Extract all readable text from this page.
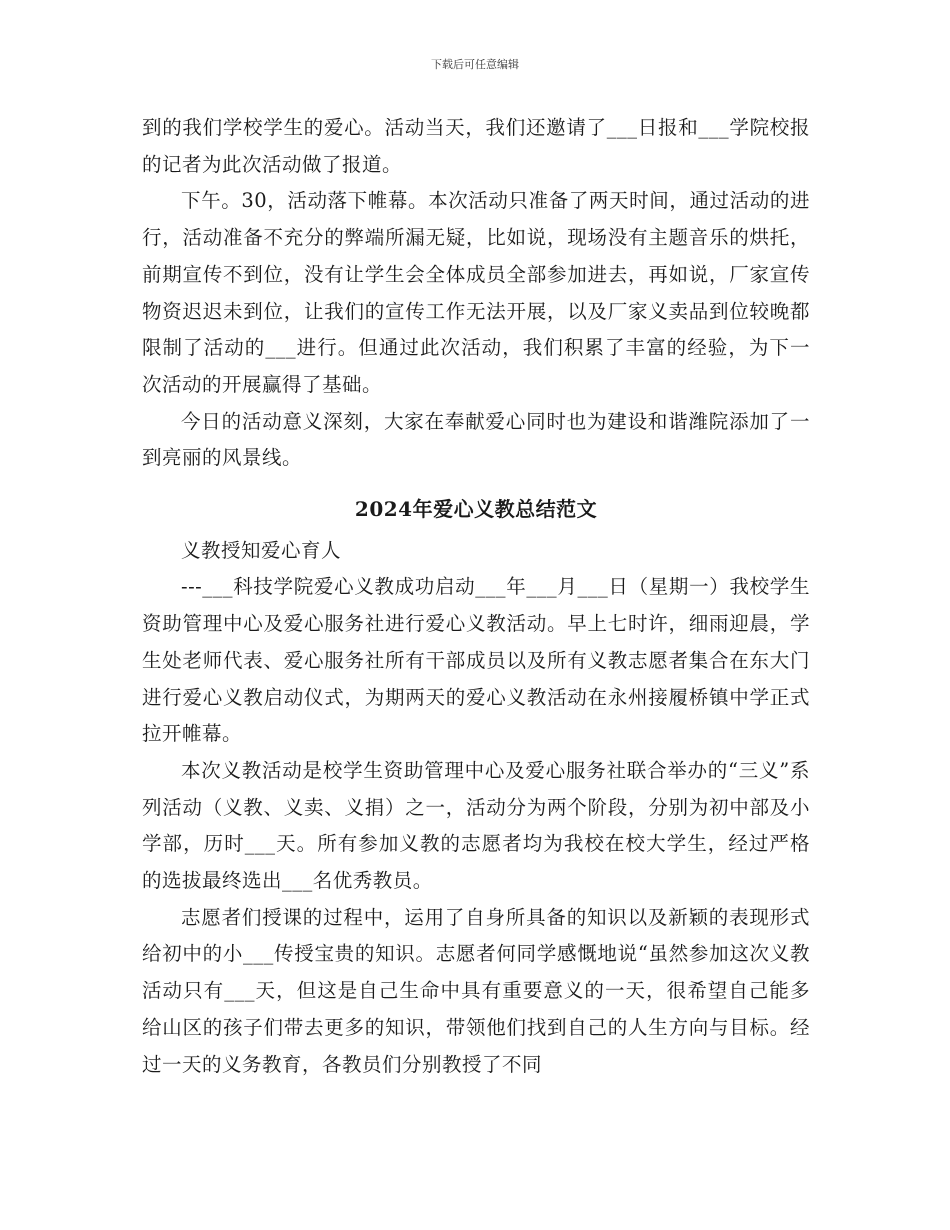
下载后可任意编辑

到的我们学校学生的爱心。活动当天，我们还邀请了___日报和___学院校报的记者为此次活动做了报道。

下午。30，活动落下帷幕。本次活动只准备了两天时间，通过活动的进行，活动准备不充分的弊端所漏无疑，比如说，现场没有主题音乐的烘托，前期宣传不到位，没有让学生会全体成员全部参加进去，再如说，厂家宣传物资迟迟未到位，让我们的宣传工作无法开展，以及厂家义卖品到位较晚都限制了活动的___进行。但通过此次活动，我们积累了丰富的经验，为下一次活动的开展赢得了基础。

今日的活动意义深刻，大家在奉献爱心同时也为建设和谐潍院添加了一到亮丽的风景线。

2024年爱心义教总结范文

义教授知爱心育人

---___科技学院爱心义教成功启动___年___月___日（星期一）我校学生资助管理中心及爱心服务社进行爱心义教活动。早上七时许，细雨迎晨，学生处老师代表、爱心服务社所有干部成员以及所有义教志愿者集合在东大门进行爱心义教启动仪式，为期两天的爱心义教活动在永州接履桥镇中学正式拉开帷幕。

本次义教活动是校学生资助管理中心及爱心服务社联合举办的“三义”系列活动（义教、义卖、义捐）之一，活动分为两个阶段，分别为初中部及小学部，历时___天。所有参加义教的志愿者均为我校在校大学生，经过严格的选拔最终选出___名优秀教员。

志愿者们授课的过程中，运用了自身所具备的知识以及新颖的表现形式给初中的小___传授宝贵的知识。志愿者何同学感慨地说“虽然参加这次义教活动只有___天，但这是自己生命中具有重要意义的一天，很希望自己能多给山区的孩子们带去更多的知识，带领他们找到自己的人生方向与目标。经过一天的义务教育，各教员们分别教授了不同
